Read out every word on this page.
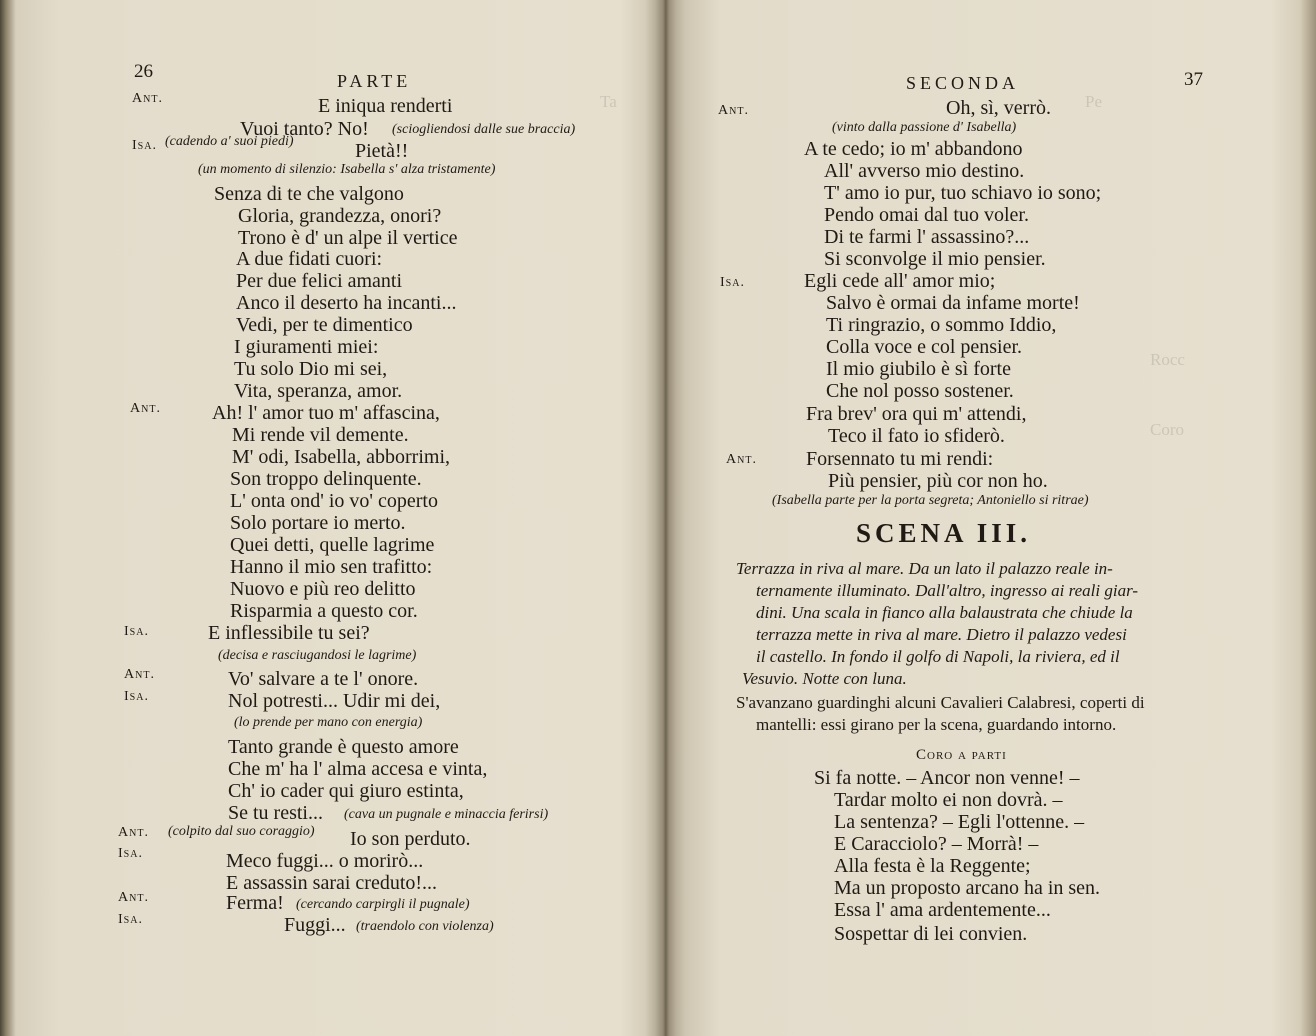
Ta	Pe
Rocc
Coro
26	PARTE
Ant.	E iniqua renderti
Vuoi tanto? No! (sciogliendosi dalle sue braccia)
Isa. (cadendo a' suoi piedi)	Pietà!!
(un momento di silenzio: Isabella s' alza tristamente)
Senza di te che valgono
Gloria, grandezza, onori?
Trono è d' un alpe il vertice
A due fidati cuori:
Per due felici amanti
Anco il deserto ha incanti...
Vedi, per te dimentico
I giuramenti miei:
Tu solo Dio mi sei,
Vita, speranza, amor.
Ant.	Ah! l' amor tuo m' affascina,
Mi rende vil demente.
M' odi, Isabella, abborrimi,
Son troppo delinquente.
L' onta ond' io vo' coperto
Solo portare io merto.
Quei detti, quelle lagrime
Hanno il mio sen trafitto:
Nuovo e più reo delitto
Risparmia a questo cor.
Isa.	E inflessibile tu sei?
(decisa e rasciugandosi le lagrime)
Ant.	Vo' salvare a te l' onore.
Isa.	Nol potresti... Udir mi dei,
(lo prende per mano con energia)
Tanto grande è questo amore
Che m' ha l' alma accesa e vinta,
Ch' io cader qui giuro estinta,
Se tu resti... (cava un pugnale e minaccia ferirsi)
Ant. (colpito dal suo coraggio) Io son perduto.
Isa.	Meco fuggi... o morirò...
E assassin sarai creduto!...
Ant.	Ferma! (cercando carpirgli il pugnale)
Isa.	Fuggi... (traendolo con violenza)
SECONDA	37
Ant.	Oh, sì, verrò.
(vinto dalla passione d' Isabella)
A te cedo; io m' abbandono
All' avverso mio destino.
T' amo io pur, tuo schiavo io sono;
Pendo omai dal tuo voler.
Di te farmi l' assassino?...
Si sconvolge il mio pensier.
Isa.	Egli cede all' amor mio;
Salvo è ormai da infame morte!
Ti ringrazio, o sommo Iddio,
Colla voce e col pensier.
Il mio giubilo è sì forte
Che nol posso sostener.
Fra brev' ora qui m' attendi,
Teco il fato io sfiderò.
Ant. Forsennato tu mi rendi:
Più pensier, più cor non ho.
(Isabella parte per la porta segreta; Antoniello si ritrae)
SCENA III.
Terrazza in riva al mare. Da un lato il palazzo reale in-
ternamente illuminato. Dall'altro, ingresso ai reali giar-
dini. Una scala in fianco alla balaustrata che chiude la
terrazza mette in riva al mare. Dietro il palazzo vedesi
il castello. In fondo il golfo di Napoli, la riviera, ed il
Vesuvio. Notte con luna.
S'avanzano guardinghi alcuni Cavalieri Calabresi, coperti di
mantelli: essi girano per la scena, guardando intorno.
Coro a parti
Si fa notte. – Ancor non venne! –
Tardar molto ei non dovrà. –
La sentenza? – Egli l'ottenne. –
E Caracciolo? – Morrà! –
Alla festa è la Reggente;
Ma un proposto arcano ha in sen.
Essa l' ama ardentemente...
Sospettar di lei convien.
